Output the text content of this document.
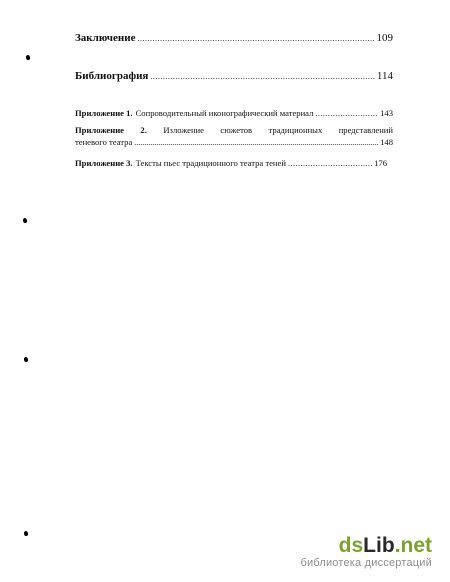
Заключение .....	109
Библиография .....	114
Приложение 1. Сопроводительный иконографический материал .....	143
Приложение 2. Изложение сюжетов традиционных представлений
теневого театра .....	148
Приложение 3. Тексты пьес традиционного театра теней .....	176
dsLib.net
библиотека диссертаций
